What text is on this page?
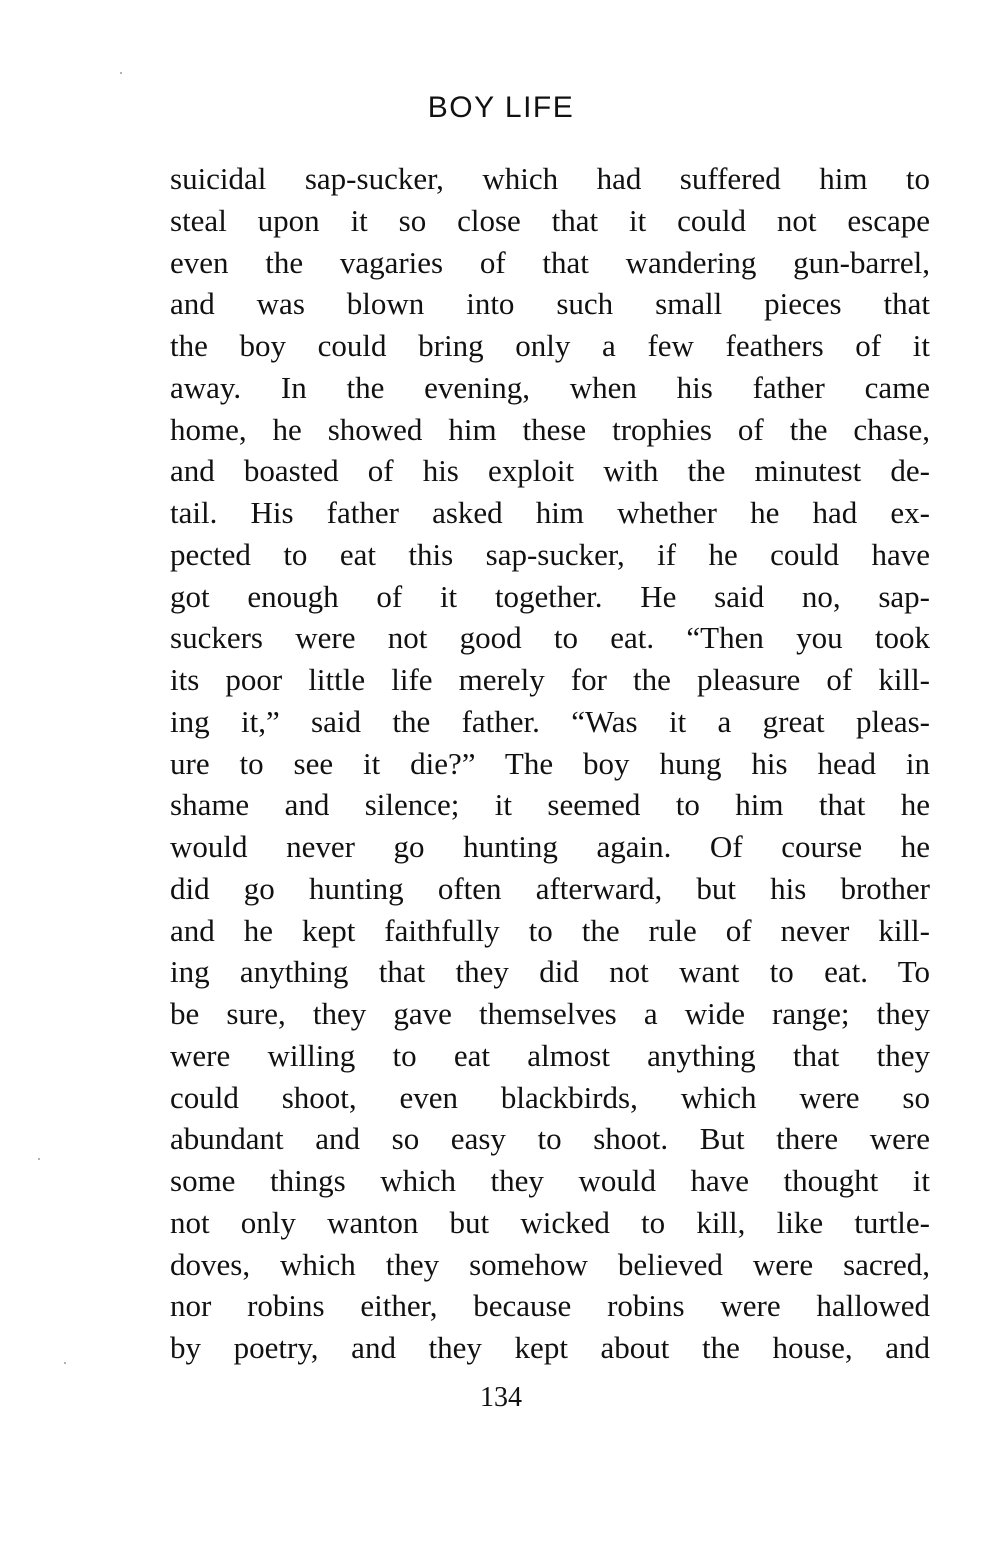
BOY LIFE
suicidal sap-sucker, which had suffered him to
steal upon it so close that it could not escape
even the vagaries of that wandering gun-barrel,
and was blown into such small pieces that
the boy could bring only a few feathers of it
away. In the evening, when his father came
home, he showed him these trophies of the chase,
and boasted of his exploit with the minutest de-
tail. His father asked him whether he had ex-
pected to eat this sap-sucker, if he could have
got enough of it together. He said no, sap-
suckers were not good to eat. “Then you took
its poor little life merely for the pleasure of kill-
ing it,” said the father. “Was it a great pleas-
ure to see it die?” The boy hung his head in
shame and silence; it seemed to him that he
would never go hunting again. Of course he
did go hunting often afterward, but his brother
and he kept faithfully to the rule of never kill-
ing anything that they did not want to eat. To
be sure, they gave themselves a wide range; they
were willing to eat almost anything that they
could shoot, even blackbirds, which were so
abundant and so easy to shoot. But there were
some things which they would have thought it
not only wanton but wicked to kill, like turtle-
doves, which they somehow believed were sacred,
nor robins either, because robins were hallowed
by poetry, and they kept about the house, and
134
